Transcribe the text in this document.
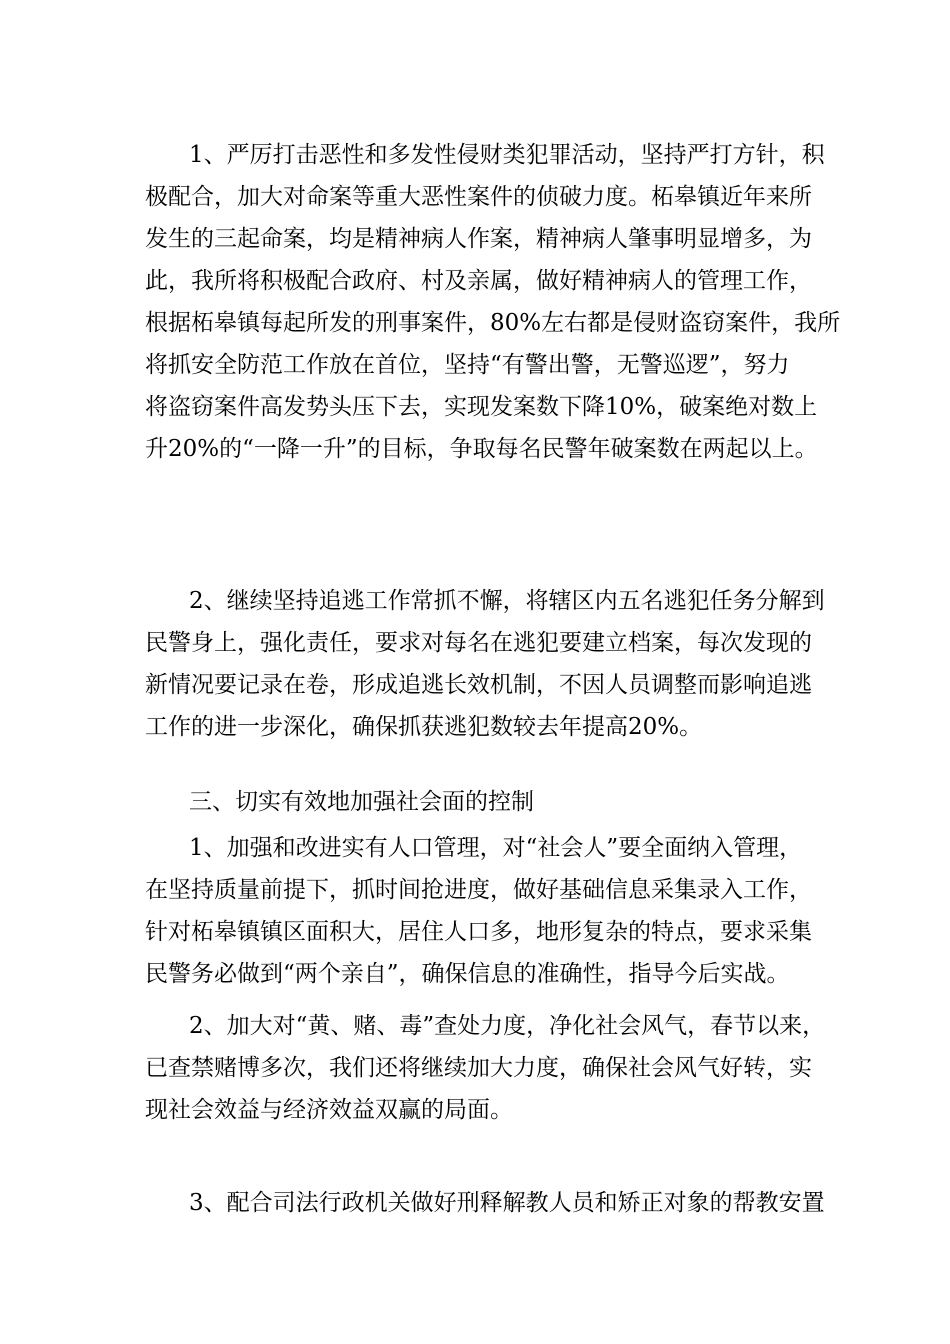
1、严厉打击恶性和多发性侵财类犯罪活动，坚持严打方针，积
极配合，加大对命案等重大恶性案件的侦破力度。柘皋镇近年来所
发生的三起命案，均是精神病人作案，精神病人肇事明显增多，为
此，我所将积极配合政府、村及亲属，做好精神病人的管理工作，
根据柘皋镇每起所发的刑事案件，80%左右都是侵财盗窃案件，我所
将抓安全防范工作放在首位，坚持“有警出警，无警巡逻”，努力
将盗窃案件高发势头压下去，实现发案数下降10%，破案绝对数上
升20%的“一降一升”的目标，争取每名民警年破案数在两起以上。
2、继续坚持追逃工作常抓不懈，将辖区内五名逃犯任务分解到
民警身上，强化责任，要求对每名在逃犯要建立档案，每次发现的
新情况要记录在卷，形成追逃长效机制，不因人员调整而影响追逃
工作的进一步深化，确保抓获逃犯数较去年提高20%。
三、切实有效地加强社会面的控制
1、加强和改进实有人口管理，对“社会人”要全面纳入管理，
在坚持质量前提下，抓时间抢进度，做好基础信息采集录入工作，
针对柘皋镇镇区面积大，居住人口多，地形复杂的特点，要求采集
民警务必做到“两个亲自”，确保信息的准确性，指导今后实战。
2、加大对“黄、赌、毒”查处力度，净化社会风气，春节以来，
已查禁赌博多次，我们还将继续加大力度，确保社会风气好转，实
现社会效益与经济效益双赢的局面。
3、配合司法行政机关做好刑释解教人员和矫正对象的帮教安置
